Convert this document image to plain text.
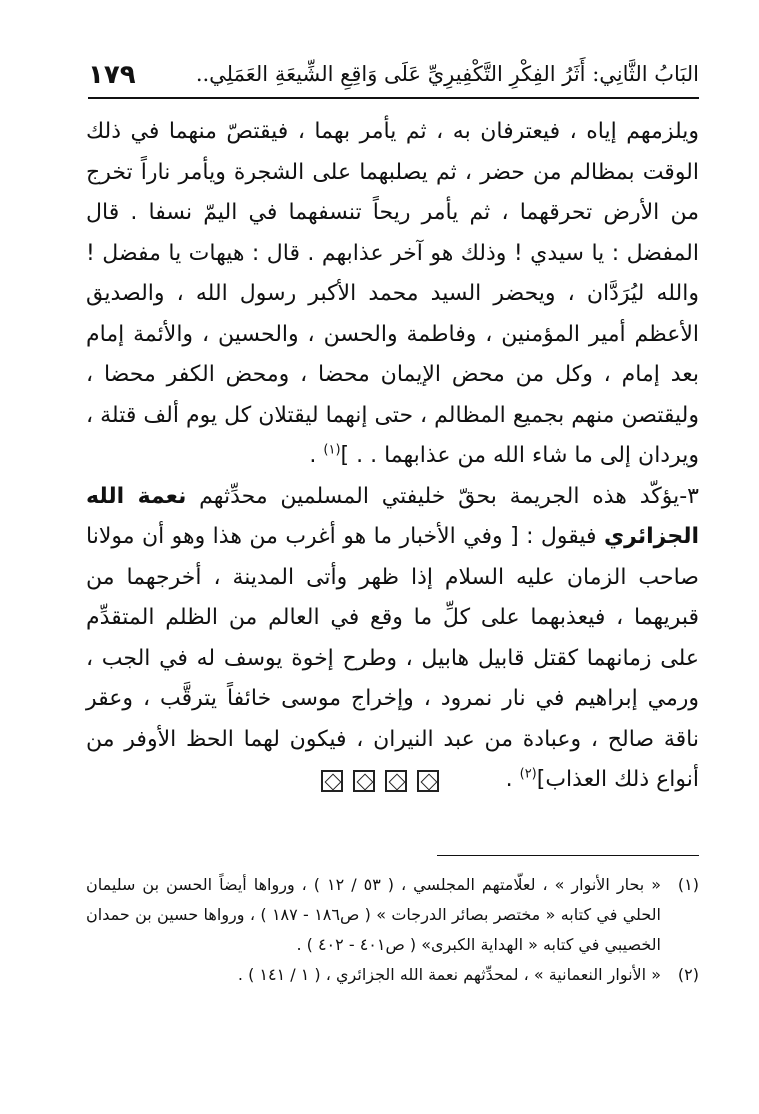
البَابُ الثَّانِي: أَثَرُ الفِكْرِ التَّكْفِيرِيِّ عَلَى وَاقِعِ الشِّيعَةِ العَمَلِي..
١٧٩

ويلزمهم إياه ، فيعترفان به ، ثم يأمر بهما ، فيقتصّ منهما في ذلك الوقت بمظالم من حضر ، ثم يصلبهما على الشجرة ويأمر ناراً تخرج من الأرض تحرقهما ، ثم يأمر ريحاً تنسفهما في اليمّ نسفا . قال المفضل : يا سيدي ! وذلك هو آخر عذابهم . قال : هيهات يا مفضل ! والله ليُرَدَّان ، ويحضر السيد محمد الأكبر رسول الله ، والصديق الأعظم أمير المؤمنين ، وفاطمة والحسن ، والحسين ، والأئمة إمام بعد إمام ، وكل من محض الإيمان محضا ، ومحض الكفر محضا ، وليقتصن منهم بجميع المظالم ، حتى إنهما ليقتلان كل يوم ألف قتلة ، ويردان إلى ما شاء الله من عذابهما . . ]$^{(١)}$ .

٣-يؤكّد هذه الجريمة بحقّ خليفتي المسلمين محدِّثهم نعمة الله الجزائري فيقول : [ وفي الأخبار ما هو أغرب من هذا وهو أن مولانا صاحب الزمان عليه السلام إذا ظهر وأتى المدينة ، أخرجهما من قبريهما ، فيعذبهما على كلِّ ما وقع في العالم من الظلم المتقدِّم على زمانهما كقتل قابيل هابيل ، وطرح إخوة يوسف له في الجب ، ورمي إبراهيم في نار نمرود ، وإخراج موسى خائفاً يترقَّب ، وعقر ناقة صالح ، وعبادة من عبد النيران ، فيكون لهما الحظ الأوفر من أنواع ذلك العذاب]$^{(٢)}$ .

(١)
« بحار الأنوار » ، لعلّامتهم المجلسي ، ( ٥٣ / ١٢ ) ، ورواها أيضاً الحسن بن سليمان الحلي في كتابه « مختصر بصائر الدرجات » ( ص١٨٦ - ١٨٧ ) ، ورواها حسين بن حمدان الخصيبي في كتابه « الهداية الكبرى» ( ص٤٠١ - ٤٠٢ ) .
(٢)
« الأنوار النعمانية » ، لمحدِّثهم نعمة الله الجزائري ، ( ١ / ١٤١ ) .
